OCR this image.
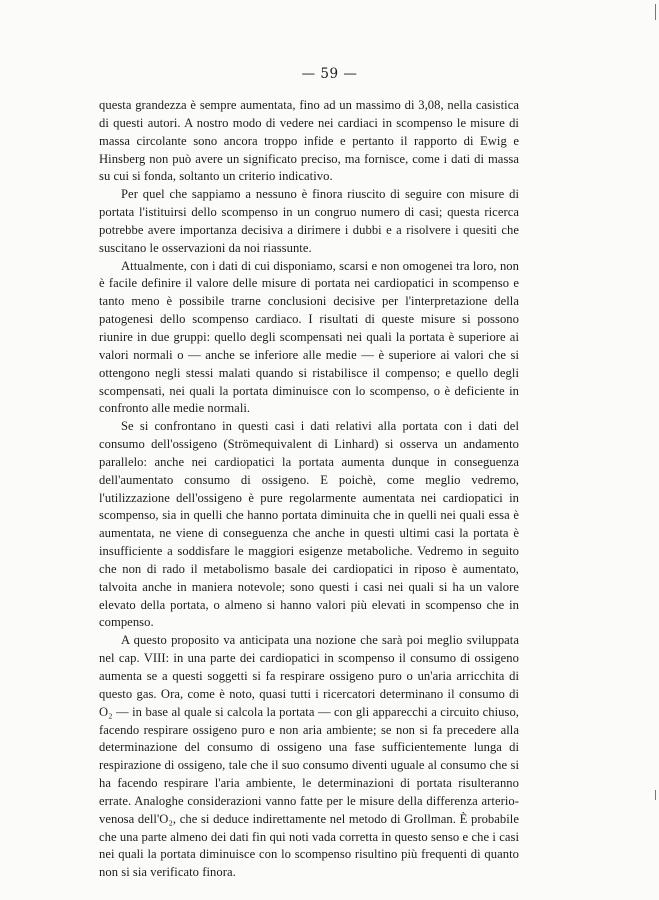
— 59 —

questa grandezza è sempre aumentata, fino ad un massimo di 3,08, nella casistica di questi autori. A nostro modo di vedere nei cardiaci in scompenso le misure di massa circolante sono ancora troppo infide e pertanto il rapporto di Ewig e Hinsberg non può avere un significato preciso, ma fornisce, come i dati di massa su cui si fonda, soltanto un criterio indicativo.

Per quel che sappiamo a nessuno è finora riuscito di seguire con misure di portata l'istituirsi dello scompenso in un congruo numero di casi; questa ricerca potrebbe avere importanza decisiva a dirimere i dubbi e a risolvere i quesiti che suscitano le osservazioni da noi riassunte.

Attualmente, con i dati di cui disponiamo, scarsi e non omogenei tra loro, non è facile definire il valore delle misure di portata nei cardiopatici in scompenso e tanto meno è possibile trarne conclusioni decisive per l'interpretazione della patogenesi dello scompenso cardiaco. I risultati di queste misure si possono riunire in due gruppi: quello degli scompensati nei quali la portata è superiore ai valori normali o — anche se inferiore alle medie — è superiore ai valori che si ottengono negli stessi malati quando si ristabilisce il compenso; e quello degli scompensati, nei quali la portata diminuisce con lo scompenso, o è deficiente in confronto alle medie normali.

Se si confrontano in questi casi i dati relativi alla portata con i dati del consumo dell'ossigeno (Strömequivalent di Linhard) si osserva un andamento parallelo: anche nei cardiopatici la portata aumenta dunque in conseguenza dell'aumentato consumo di ossigeno. E poichè, come meglio vedremo, l'utilizzazione dell'ossigeno è pure regolarmente aumentata nei cardiopatici in scompenso, sia in quelli che hanno portata diminuita che in quelli nei quali essa è aumentata, ne viene di conseguenza che anche in questi ultimi casi la portata è insufficiente a soddisfare le maggiori esigenze metaboliche. Vedremo in seguito che non di rado il metabolismo basale dei cardiopatici in riposo è aumentato, talvoita anche in maniera notevole; sono questi i casi nei quali si ha un valore elevato della portata, o almeno si hanno valori più elevati in scompenso che in compenso.

A questo proposito va anticipata una nozione che sarà poi meglio sviluppata nel cap. VIII: in una parte dei cardiopatici in scompenso il consumo di ossigeno aumenta se a questi soggetti si fa respirare ossigeno puro o un'aria arricchita di questo gas. Ora, come è noto, quasi tutti i ricercatori determinano il consumo di O₂ — in base al quale si calcola la portata — con gli apparecchi a circuito chiuso, facendo respirare ossigeno puro e non aria ambiente; se non si fa precedere alla determinazione del consumo di ossigeno una fase sufficientemente lunga di respirazione di ossigeno, tale che il suo consumo diventi uguale al consumo che si ha facendo respirare l'aria ambiente, le determinazioni di portata risulteranno errate. Analoghe considerazioni vanno fatte per le misure della differenza arterio-venosa dell'O₂, che si deduce indirettamente nel metodo di Grollman. È probabile che una parte almeno dei dati fin qui noti vada corretta in questo senso e che i casi nei quali la portata diminuisce con lo scompenso risultino più frequenti di quanto non si sia verificato finora.
